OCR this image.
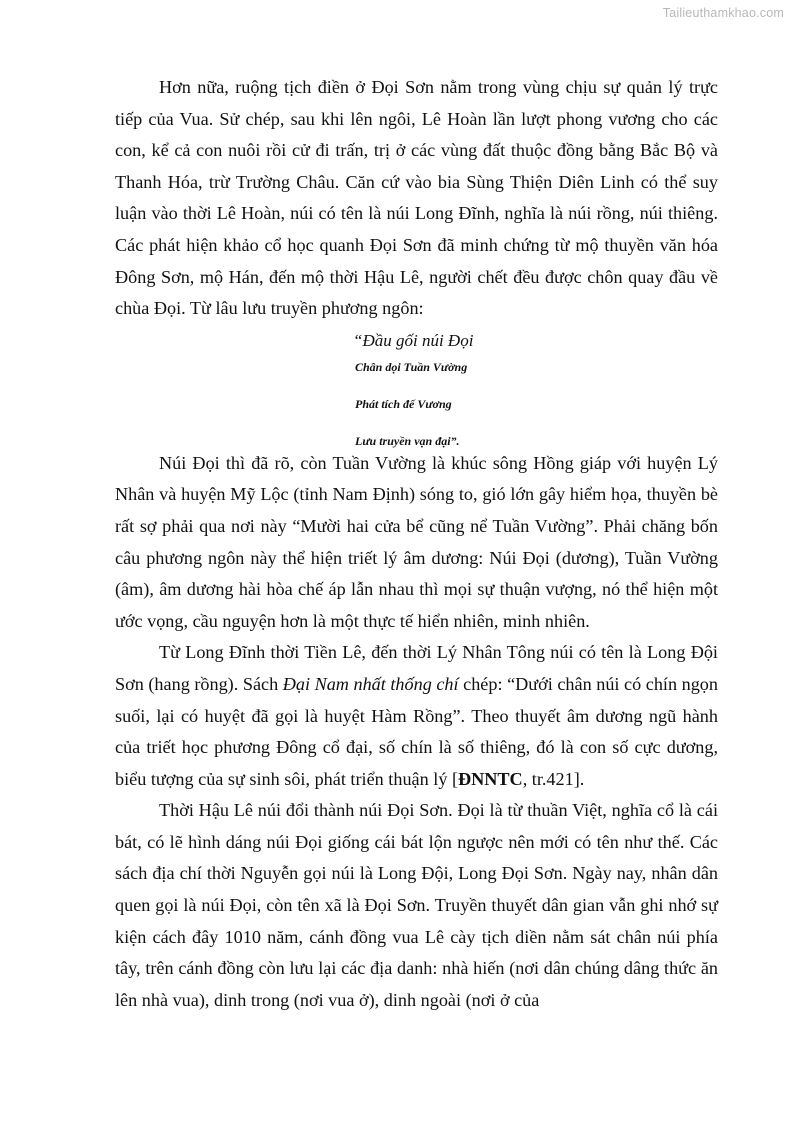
Tailieuthamkhao.com

Hơn nữa, ruộng tịch điền ở Đọi Sơn nằm trong vùng chịu sự quản lý trực tiếp của Vua. Sử chép, sau khi lên ngôi, Lê Hoàn lần lượt phong vương cho các con, kể cả con nuôi rồi cử đi trấn, trị ở các vùng đất thuộc đồng bằng Bắc Bộ và Thanh Hóa, trừ Trường Châu. Căn cứ vào bia Sùng Thiện Diên Linh có thể suy luận vào thời Lê Hoàn, núi có tên là núi Long Đĩnh, nghĩa là núi rồng, núi thiêng. Các phát hiện khảo cổ học quanh Đọi Sơn đã minh chứng từ mộ thuyền văn hóa Đông Sơn, mộ Hán, đến mộ thời Hậu Lê, người chết đều được chôn quay đầu về chùa Đọi. Từ lâu lưu truyền phương ngôn:

“Đầu gối núi Đọi
Chân dọi Tuần Vường
Phát tích đế Vương
Lưu truyền vạn đại”.

Núi Đọi thì đã rõ, còn Tuần Vường là khúc sông Hồng giáp với huyện Lý Nhân và huyện Mỹ Lộc (tỉnh Nam Định) sóng to, gió lớn gây hiểm họa, thuyền bè rất sợ phải qua nơi này “Mười hai cửa bể cũng nể Tuần Vường”. Phải chăng bốn câu phương ngôn này thể hiện triết lý âm dương: Núi Đọi (dương), Tuần Vường (âm), âm dương hài hòa chế áp lẫn nhau thì mọi sự thuận vượng, nó thể hiện một ước vọng, cầu nguyện hơn là một thực tế hiển nhiên, minh nhiên.

Từ Long Đĩnh thời Tiền Lê, đến thời Lý Nhân Tông núi có tên là Long Đội Sơn (hang rồng). Sách Đại Nam nhất thống chí chép: “Dưới chân núi có chín ngọn suối, lại có huyệt đã gọi là huyệt Hàm Rồng”. Theo thuyết âm dương ngũ hành của triết học phương Đông cổ đại, số chín là số thiêng, đó là con số cực dương, biểu tượng của sự sinh sôi, phát triển thuận lý [ĐNNTC, tr.421].

Thời Hậu Lê núi đổi thành núi Đọi Sơn. Đọi là từ thuần Việt, nghĩa cổ là cái bát, có lẽ hình dáng núi Đọi giống cái bát lộn ngược nên mới có tên như thế. Các sách địa chí thời Nguyễn gọi núi là Long Đội, Long Đọi Sơn. Ngày nay, nhân dân quen gọi là núi Đọi, còn tên xã là Đọi Sơn. Truyền thuyết dân gian vẫn ghi nhớ sự kiện cách đây 1010 năm, cánh đồng vua Lê cày tịch diền nằm sát chân núi phía tây, trên cánh đồng còn lưu lại các địa danh: nhà hiến (nơi dân chúng dâng thức ăn lên nhà vua), dinh trong (nơi vua ở), dinh ngoài (nơi ở của
